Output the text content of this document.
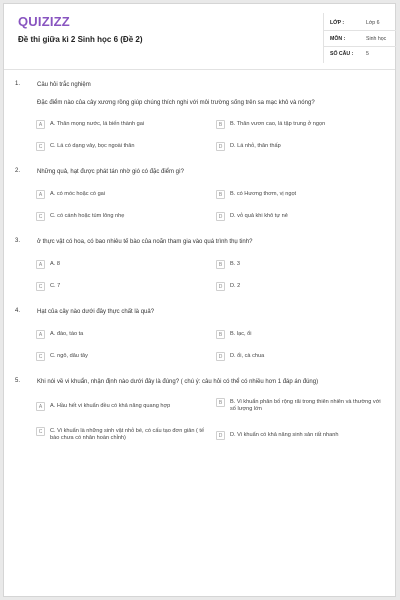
QUIZIZZ
Đề thi giữa kì 2 Sinh học 6 (Đề 2)
LỚP :	Lớp 6
MÔN :	Sinh học
SỐ CÂU :	5
1.	Câu hỏi trắc nghiệm
Đặc điểm nào của cây xương rồng giúp chúng thích nghi với môi trường sống trên sa mạc khô và nóng?
A	A. Thân mọng nước, lá biến thành gai	B	B. Thân vươn cao, lá tập trung ở ngọn
C	C. Lá có dạng vảy, bọc ngoài thân	D	D. Lá nhỏ, thân thấp
2.	Những quả, hạt được phát tán nhờ gió có đặc điểm gì?
A	A. có móc hoặc có gai	B	B. có Hương thơm, vị ngọt
C	C. có cánh hoặc túm lông nhẹ	D	D. vỏ quả khi khô tự nẻ
3.	ở thực vật có hoa, có bao nhiêu tế bào của noãn tham gia vào quá trình thụ tinh?
A	A. 8	B	B. 3
C	C. 7	D	D. 2
4.	Hạt của cây nào dưới đây thực chất là quả?
A	A. đào, táo ta	B	B. lạc, ổi
C	C. ngô, dâu tây	D	D. ổi, cà chua
5.	Khi nói về vi khuẩn, nhận định nào dưới đây là đúng? ( chú ý: câu hỏi có thể có nhiều hơn 1 đáp án đúng)
A	A. Hầu hết vi khuẩn đều có khả năng quang hợp	B	B. Vi khuẩn phân bố rộng rãi trong thiên nhiên và thường với số lượng lớn
C	C. Vi khuẩn là những sinh vật nhỏ bé, có cấu tạo đơn giản ( tế bào chưa có nhân hoàn chỉnh)	D	D. Vi khuẩn có khả năng sinh sản rất nhanh
